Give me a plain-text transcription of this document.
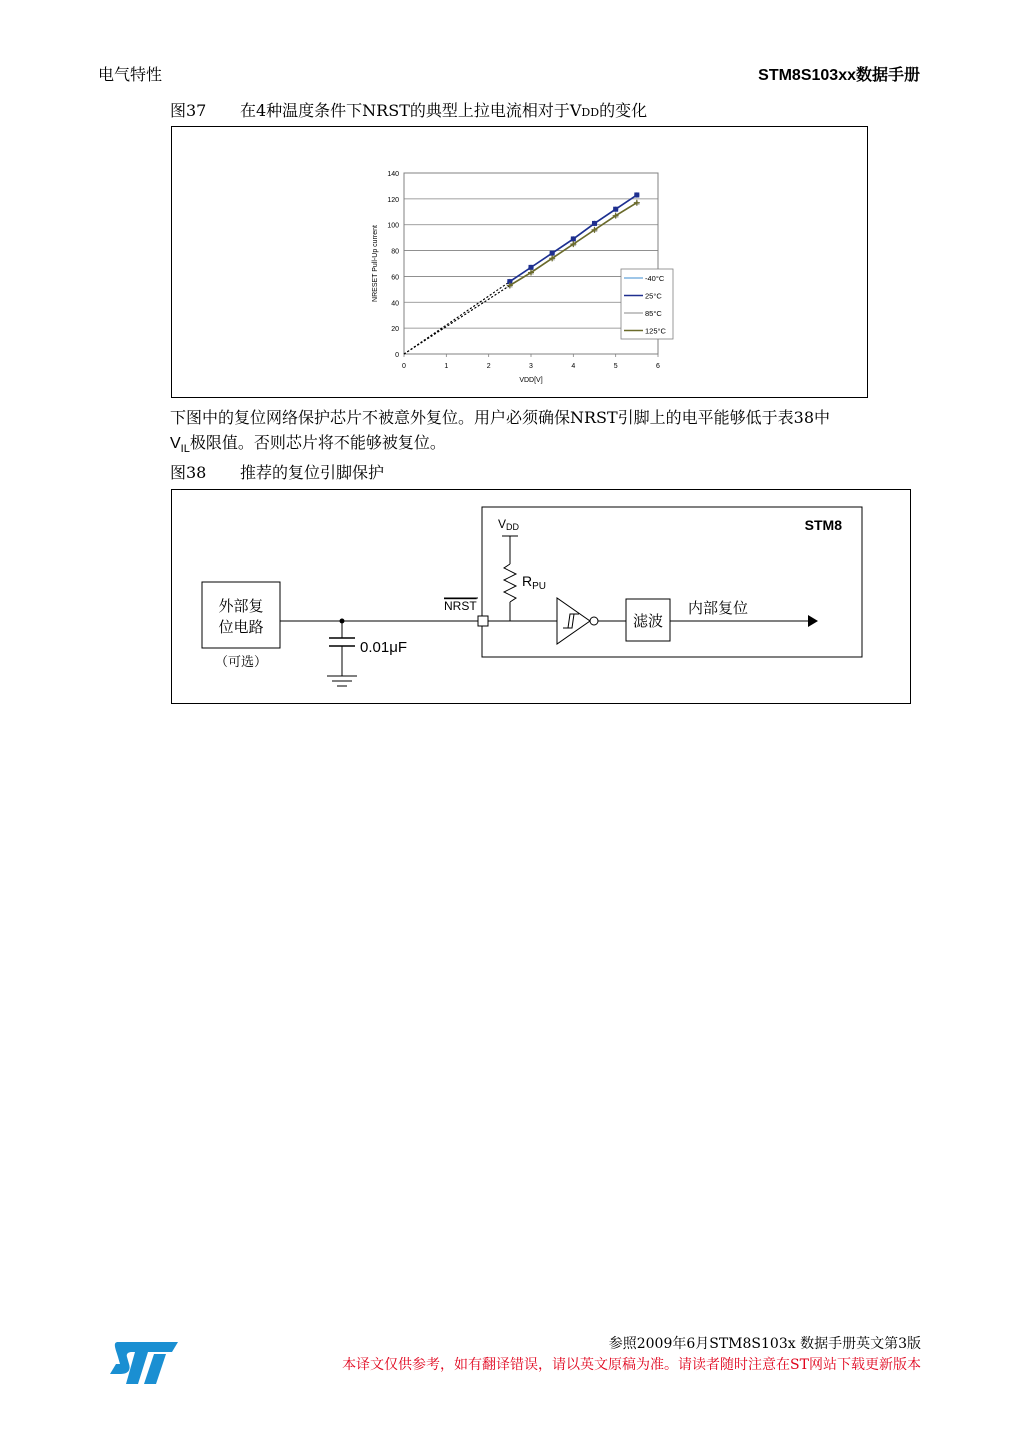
电气特性	STM8S103xx数据手册
图37 在4种温度条件下NRST的典型上拉电流相对于VDD的变化
0
20
40
60
80
100
120
140
0	1	2	3	4	5	6
VDD[V]
NRESET Pull-Up current	-40°C
25°C
85°C
125°C
下图中的复位网络保护芯片不被意外复位。用户必须确保NRST引脚上的电平能够低于表38中
$V_{IL}$极限值。否则芯片将不能够被复位。
图38 推荐的复位引脚保护
STM8
VDD
$R_{PU}$
外部复
位电路
（可选）
0.01μF
NRST
滤波
内部复位
参照2009年6月STM8S103x 数据手册英文第3版
本译文仅供参考，如有翻译错误，请以英文原稿为准。请读者随时注意在ST网站下载更新版本
